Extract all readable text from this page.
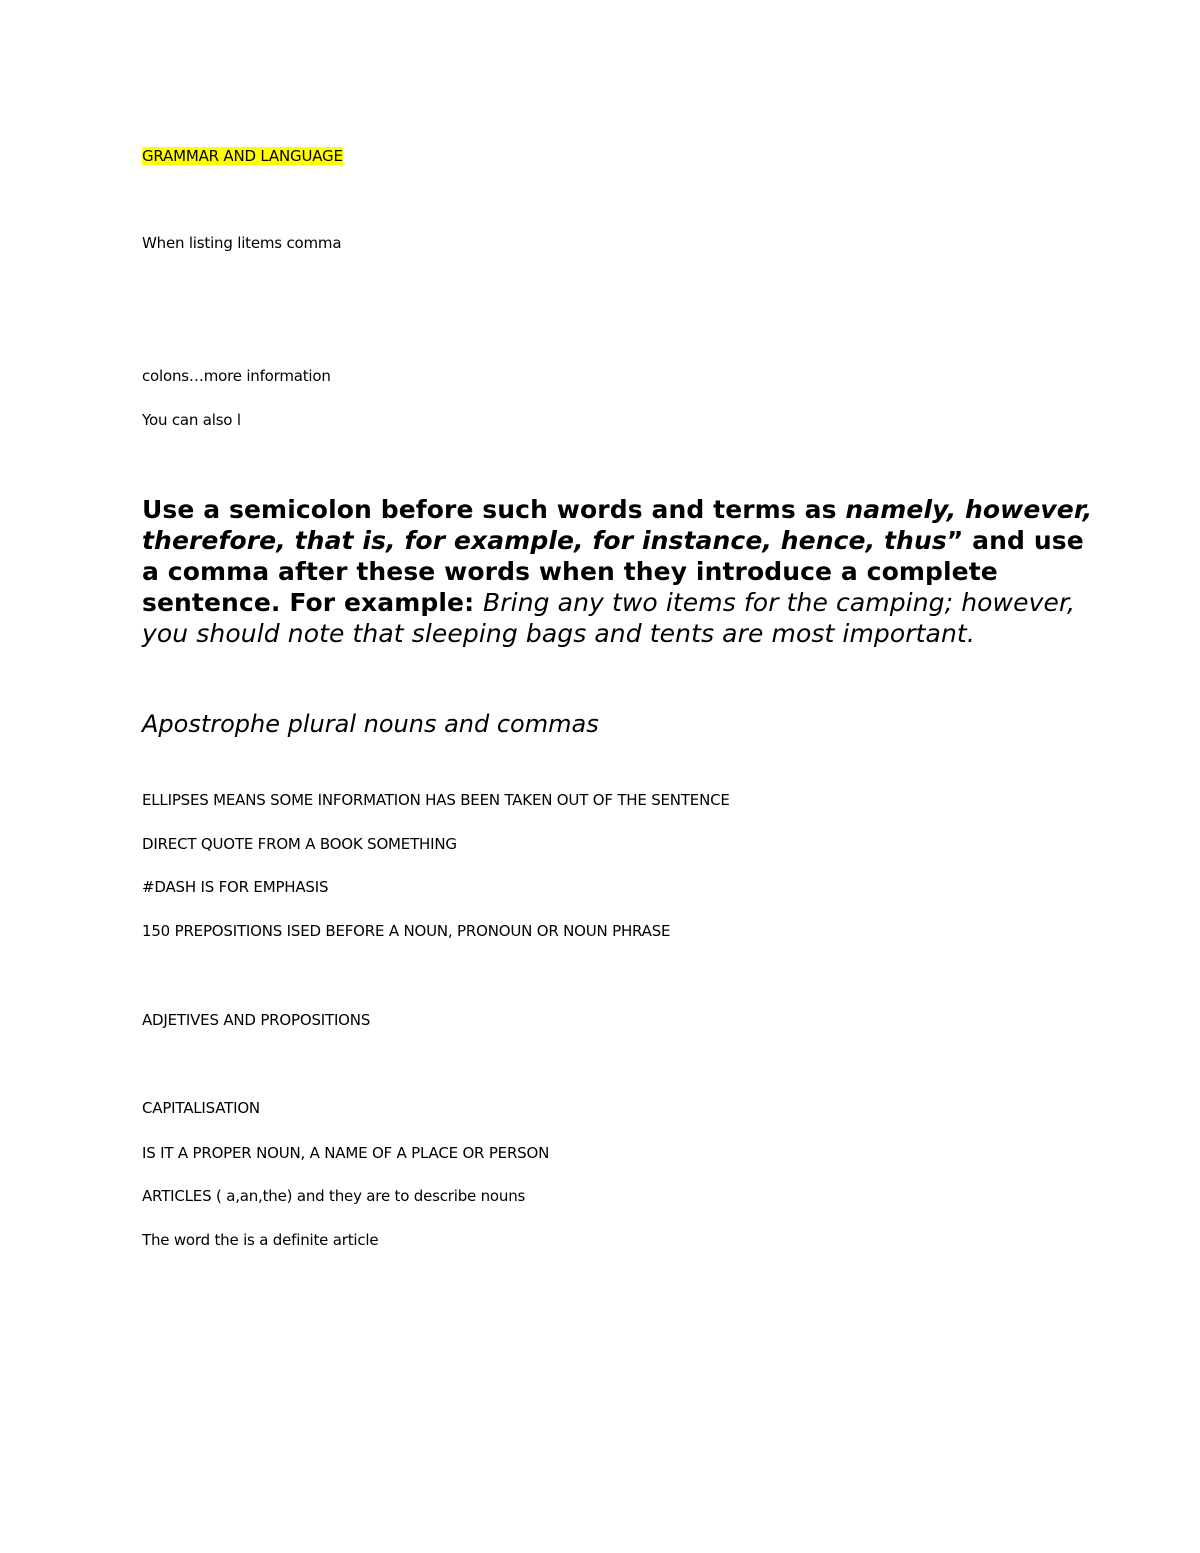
GRAMMAR AND LANGUAGE
When listing litems comma
colons…more information
You can also l
Use a semicolon before such words and terms as namely, however, therefore, that is, for example, for instance, hence, thus” and use a comma after these words when they introduce a complete sentence. For example: Bring any two items for the camping; however, you should note that sleeping bags and tents are most important.
Apostrophe plural nouns and commas
ELLIPSES MEANS SOME INFORMATION HAS BEEN TAKEN OUT OF THE SENTENCE
DIRECT QUOTE FROM A BOOK SOMETHING
#DASH IS FOR EMPHASIS
150 PREPOSITIONS ISED BEFORE A NOUN, PRONOUN OR NOUN PHRASE
ADJETIVES AND PROPOSITIONS
CAPITALISATION
IS IT A PROPER NOUN, A NAME OF A PLACE OR PERSON
ARTICLES ( a,an,the) and they are to describe nouns
The word the is a definite article
